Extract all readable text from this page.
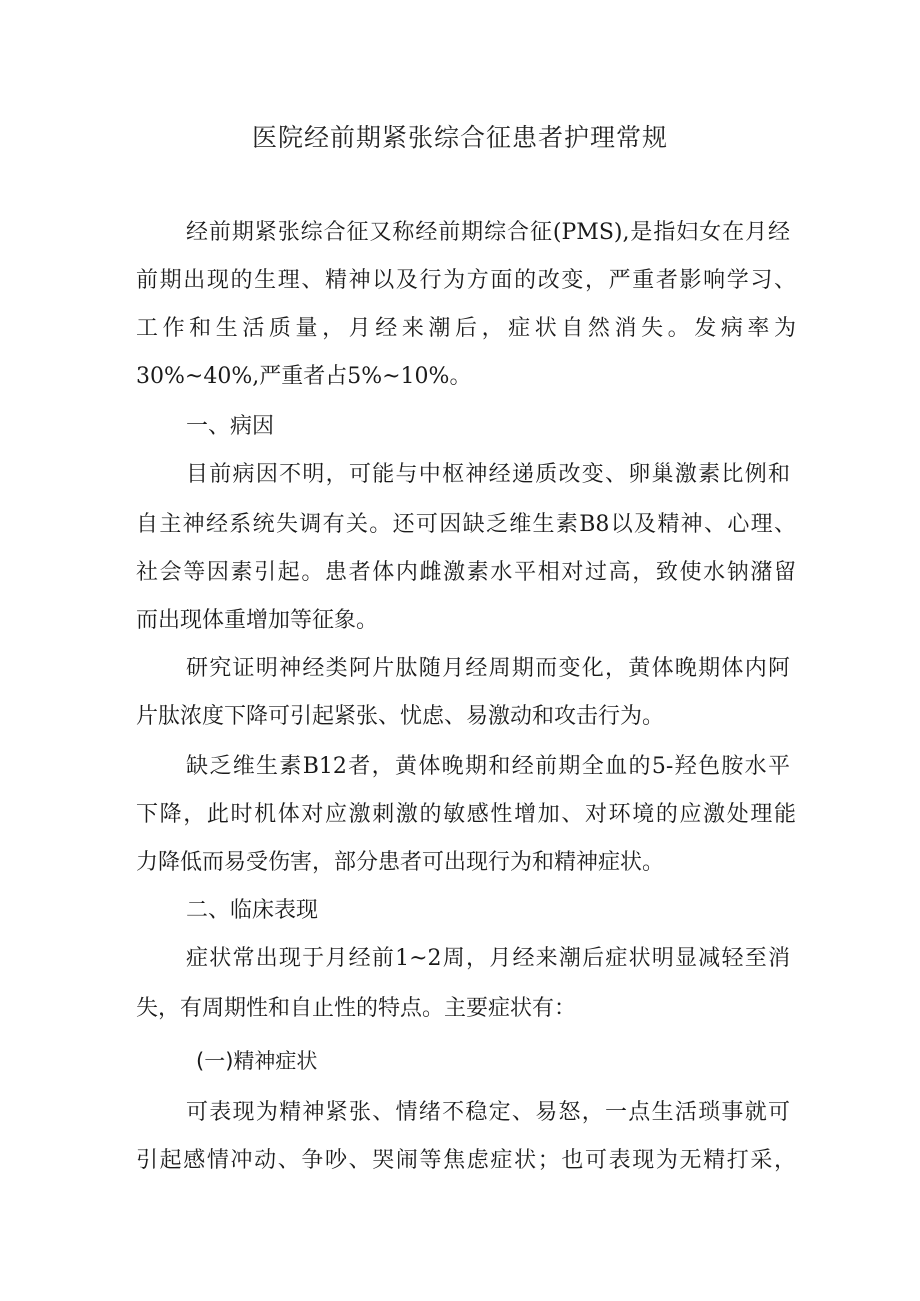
医院经前期紧张综合征患者护理常规
经前期紧张综合征又称经前期综合征(PMS),是指妇女在月经
前期出现的生理、精神以及行为方面的改变，严重者影响学习、
工作和生活质量，月经来潮后，症状自然消失。发病率为
30%~40%,严重者占5%~10%。
一、病因
目前病因不明，可能与中枢神经递质改变、卵巢激素比例和
自主神经系统失调有关。还可因缺乏维生素B8以及精神、心理、
社会等因素引起。患者体内雌激素水平相对过高，致使水钠潴留
而出现体重增加等征象。
研究证明神经类阿片肽随月经周期而变化，黄体晚期体内阿
片肽浓度下降可引起紧张、忧虑、易激动和攻击行为。
缺乏维生素B12者，黄体晚期和经前期全血的5-羟色胺水平
下降，此时机体对应激刺激的敏感性增加、对环境的应激处理能
力降低而易受伤害，部分患者可出现行为和精神症状。
二、临床表现
症状常出现于月经前1~2周，月经来潮后症状明显减轻至消
失，有周期性和自止性的特点。主要症状有：
(一)精神症状
可表现为精神紧张、情绪不稳定、易怒，一点生活琐事就可
引起感情冲动、争吵、哭闹等焦虑症状；也可表现为无精打采，
